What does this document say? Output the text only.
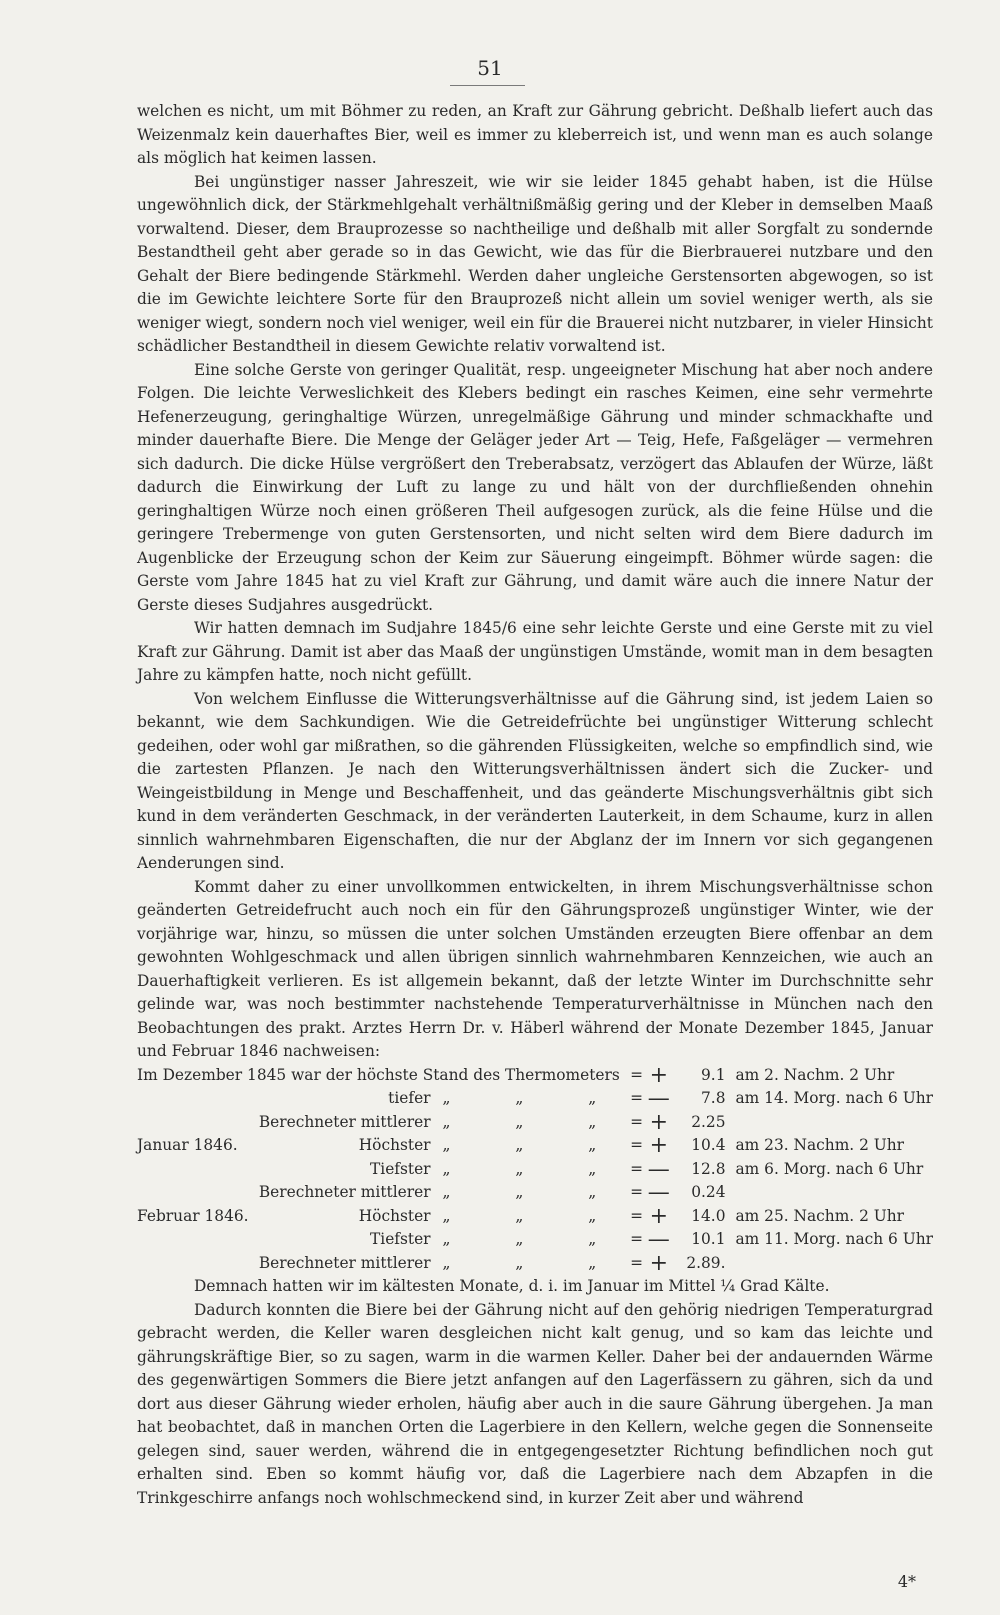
51

welchen es nicht, um mit Böhmer zu reden, an Kraft zur Gährung gebricht. Deßhalb liefert auch das Weizenmalz kein dauerhaftes Bier, weil es immer zu kleberreich ist, und wenn man es auch solange als möglich hat keimen lassen.

Bei ungünstiger nasser Jahreszeit, wie wir sie leider 1845 gehabt haben, ist die Hülse ungewöhnlich dick, der Stärkmehlgehalt verhältnißmäßig gering und der Kleber in demselben Maaß vorwaltend. Dieser, dem Brauprozesse so nachtheilige und deßhalb mit aller Sorgfalt zu sondernde Bestandtheil geht aber gerade so in das Gewicht, wie das für die Bierbrauerei nutzbare und den Gehalt der Biere bedingende Stärkmehl. Werden daher ungleiche Gerstensorten abgewogen, so ist die im Gewichte leichtere Sorte für den Brauprozeß nicht allein um soviel weniger werth, als sie weniger wiegt, sondern noch viel weniger, weil ein für die Brauerei nicht nutzbarer, in vieler Hinsicht schädlicher Bestandtheil in diesem Gewichte relativ vorwaltend ist.

Eine solche Gerste von geringer Qualität, resp. ungeeigneter Mischung hat aber noch andere Folgen. Die leichte Verweslichkeit des Klebers bedingt ein rasches Keimen, eine sehr vermehrte Hefenerzeugung, geringhaltige Würzen, unregelmäßige Gährung und minder schmackhafte und minder dauerhafte Biere. Die Menge der Geläger jeder Art — Teig, Hefe, Faßgeläger — vermehren sich dadurch. Die dicke Hülse vergrößert den Treberabsatz, verzögert das Ablaufen der Würze, läßt dadurch die Einwirkung der Luft zu lange zu und hält von der durchfließenden ohnehin geringhaltigen Würze noch einen größeren Theil aufgesogen zurück, als die feine Hülse und die geringere Trebermenge von guten Gerstensorten, und nicht selten wird dem Biere dadurch im Augenblicke der Erzeugung schon der Keim zur Säuerung eingeimpft. Böhmer würde sagen: die Gerste vom Jahre 1845 hat zu viel Kraft zur Gährung, und damit wäre auch die innere Natur der Gerste dieses Sudjahres ausgedrückt.

Wir hatten demnach im Sudjahre 1845/6 eine sehr leichte Gerste und eine Gerste mit zu viel Kraft zur Gährung. Damit ist aber das Maaß der ungünstigen Umstände, womit man in dem besagten Jahre zu kämpfen hatte, noch nicht gefüllt.

Von welchem Einflusse die Witterungsverhältnisse auf die Gährung sind, ist jedem Laien so bekannt, wie dem Sachkundigen. Wie die Getreidefrüchte bei ungünstiger Witterung schlecht gedeihen, oder wohl gar mißrathen, so die gährenden Flüssigkeiten, welche so empfindlich sind, wie die zartesten Pflanzen. Je nach den Witterungsverhältnissen ändert sich die Zucker- und Weingeistbildung in Menge und Beschaffenheit, und das geänderte Mischungsverhältnis gibt sich kund in dem veränderten Geschmack, in der veränderten Lauterkeit, in dem Schaume, kurz in allen sinnlich wahrnehmbaren Eigenschaften, die nur der Abglanz der im Innern vor sich gegangenen Aenderungen sind.

Kommt daher zu einer unvollkommen entwickelten, in ihrem Mischungsverhältnisse schon geänderten Getreidefrucht auch noch ein für den Gährungsprozeß ungünstiger Winter, wie der vorjährige war, hinzu, so müssen die unter solchen Umständen erzeugten Biere offenbar an dem gewohnten Wohlgeschmack und allen übrigen sinnlich wahrnehmbaren Kennzeichen, wie auch an Dauerhaftigkeit verlieren. Es ist allgemein bekannt, daß der letzte Winter im Durchschnitte sehr gelinde war, was noch bestimmter nachstehende Temperaturverhältnisse in München nach den Beobachtungen des prakt. Arztes Herrn Dr. v. Häberl während der Monate Dezember 1845, Januar und Februar 1846 nachweisen:

Im Dezember 1845 war der höchste Stand des Thermometers			=	+	9.1	am 2. Nachm. 2 Uhr
	tiefer	„ „ „	=	—	7.8	am 14. Morg. nach 6 Uhr
	Berechneter mittlerer	„ „ „	=	+	2.25	
Januar 1846.	Höchster	„ „ „	=	+	10.4	am 23. Nachm. 2 Uhr
	Tiefster	„ „ „	=	—	12.8	am 6. Morg. nach 6 Uhr
	Berechneter mittlerer	„ „ „	=	—	0.24	
Februar 1846.	Höchster	„ „ „	=	+	14.0	am 25. Nachm. 2 Uhr
	Tiefster	„ „ „	=	—	10.1	am 11. Morg. nach 6 Uhr
	Berechneter mittlerer	„ „ „	=	+	2.89.	

Demnach hatten wir im kältesten Monate, d. i. im Januar im Mittel ¼ Grad Kälte.

Dadurch konnten die Biere bei der Gährung nicht auf den gehörig niedrigen Temperaturgrad gebracht werden, die Keller waren desgleichen nicht kalt genug, und so kam das leichte und gährungskräftige Bier, so zu sagen, warm in die warmen Keller. Daher bei der andauernden Wärme des gegenwärtigen Sommers die Biere jetzt anfangen auf den Lagerfässern zu gähren, sich da und dort aus dieser Gährung wieder erholen, häufig aber auch in die saure Gährung übergehen. Ja man hat beobachtet, daß in manchen Orten die Lagerbiere in den Kellern, welche gegen die Sonnenseite gelegen sind, sauer werden, während die in entgegengesetzter Richtung befindlichen noch gut erhalten sind. Eben so kommt häufig vor, daß die Lagerbiere nach dem Abzapfen in die Trinkgeschirre anfangs noch wohlschmeckend sind, in kurzer Zeit aber und während

4*
